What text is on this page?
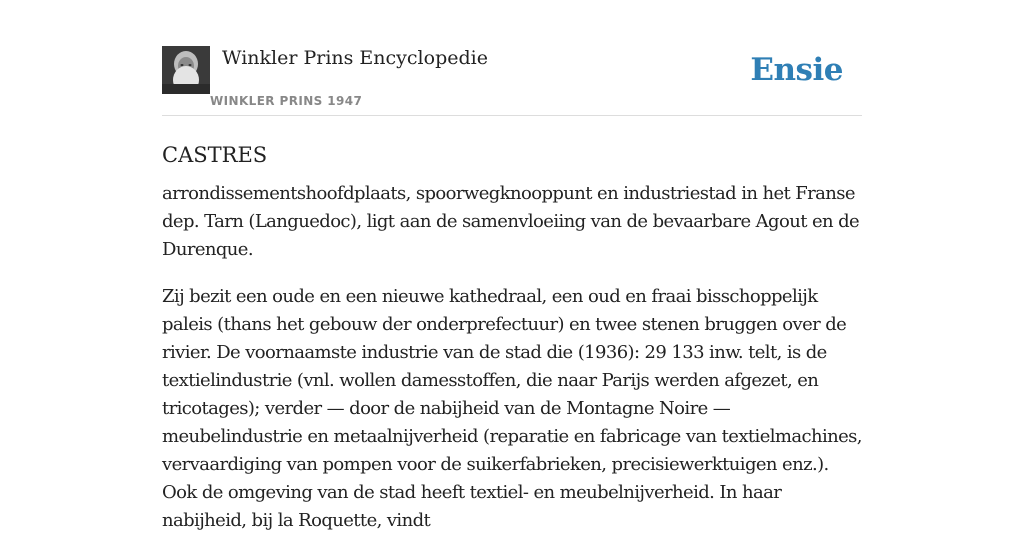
Winkler Prins Encyclopedie
WINKLER PRINS 1947
Ensie
CASTRES

arrondissementshoofdplaats, spoorwegknooppunt en industriestad in het Franse dep. Tarn (Languedoc), ligt aan de samenvloeiing van de bevaarbare Agout en de Durenque.

Zij bezit een oude en een nieuwe kathedraal, een oud en fraai bisschoppelijk paleis (thans het gebouw der onderprefectuur) en twee stenen bruggen over de rivier. De voornaamste industrie van de stad die (1936): 29 133 inw. telt, is de textielindustrie (vnl. wollen damesstoffen, die naar Parijs werden afgezet, en tricotages); verder — door de nabijheid van de Montagne Noire — meubelindustrie en metaalnijverheid (reparatie en fabricage van textielmachines, vervaardiging van pompen voor de suikerfabrieken, precisiewerktuigen enz.). Ook de omgeving van de stad heeft textiel- en meubelnijverheid. In haar nabijheid, bij la Roquette, vindt
